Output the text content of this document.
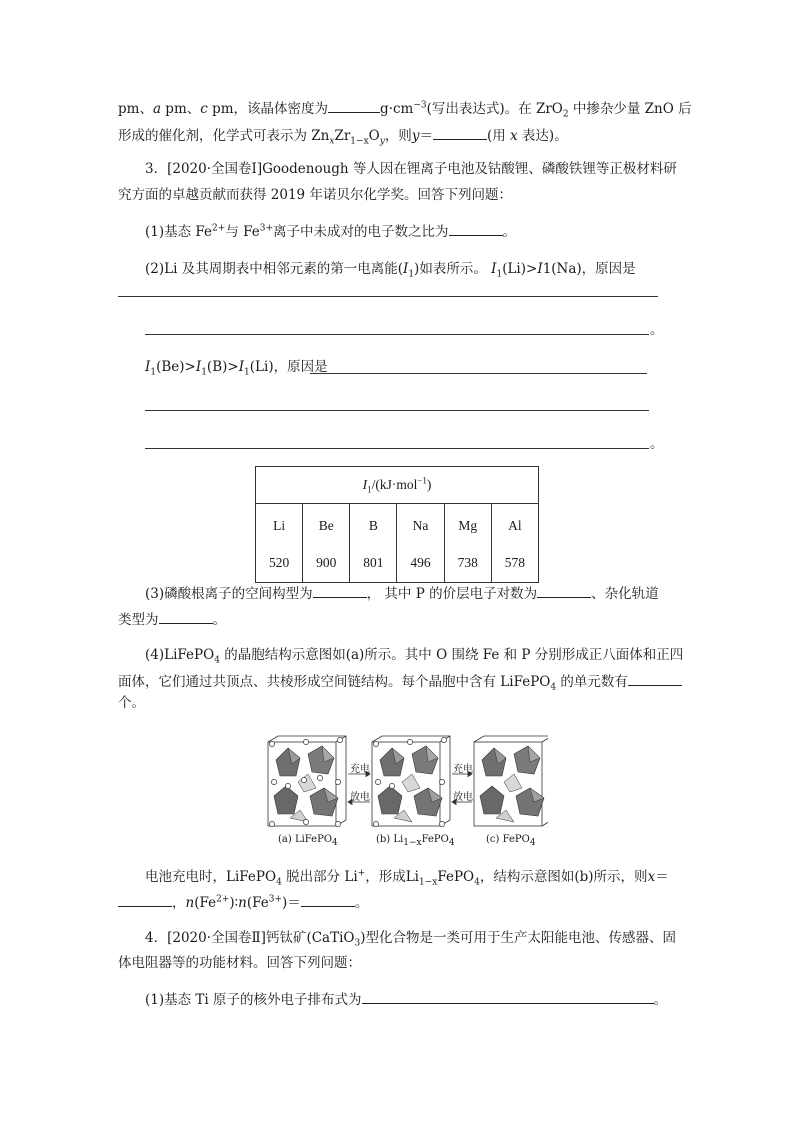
pm、a pm、c pm，该晶体密度为	$g\cdot cm^{-3}$(写出表达式)。在 ZrO$_2$ 中掺杂少量 ZnO 后
形成的催化剂，化学式可表示为 $Zn_xZr_{1-x}O_y$，则y＝	(用 x 表达)。
3．[2020·全国卷Ⅰ]Goodenough 等人因在锂离子电池及钴酸锂、磷酸铁锂等正极材料研
究方面的卓越贡献而获得 2019 年诺贝尔化学奖。回答下列问题：
(1)基态 $Fe^{2+}$与 $Fe^{3+}$离子中未成对的电子数之比为	。
(2)Li 及其周期表中相邻元素的第一电离能$(I_1)$如表所示。 $I_1(Li)>I1(Na)$，原因是
。
$I_1(Be)>I_1(B)>I_1(Li)$，原因是
。
$I_1/(kJ\cdot mol^{-1})$					
Li	Be	B	Na	Mg	Al
520	900	801	496	738	578
(3)磷酸根离子的空间构型为	， 其中 P 的价层电子对数为	、杂化轨道
类型为	。
(4)LiFePO$_4$ 的晶胞结构示意图如(a)所示。其中 O 围绕 Fe 和 P 分别形成正八面体和正四
面体，它们通过共顶点、共棱形成空间链结构。每个晶胞中含有 LiFePO$_4$ 的单元数有
个。
充电
放电
充电
放电
(a) LiFePO$_4$	(b) $Li_{1-x}FePO_4$	(c) FePO$_4$
电池充电时，LiFePO$_4$ 脱出部分 Li+，形成$Li_{1-x}FePO_4$，结构示意图如(b)所示，则x＝
，$n(Fe^{2+})∶n(Fe^{3+})=$	。
4．[2020·全国卷Ⅱ]钙钛矿(CaTiO$_3$)型化合物是一类可用于生产太阳能电池、传感器、固
体电阻器等的功能材料。回答下列问题：
(1)基态 Ti 原子的核外电子排布式为	。
